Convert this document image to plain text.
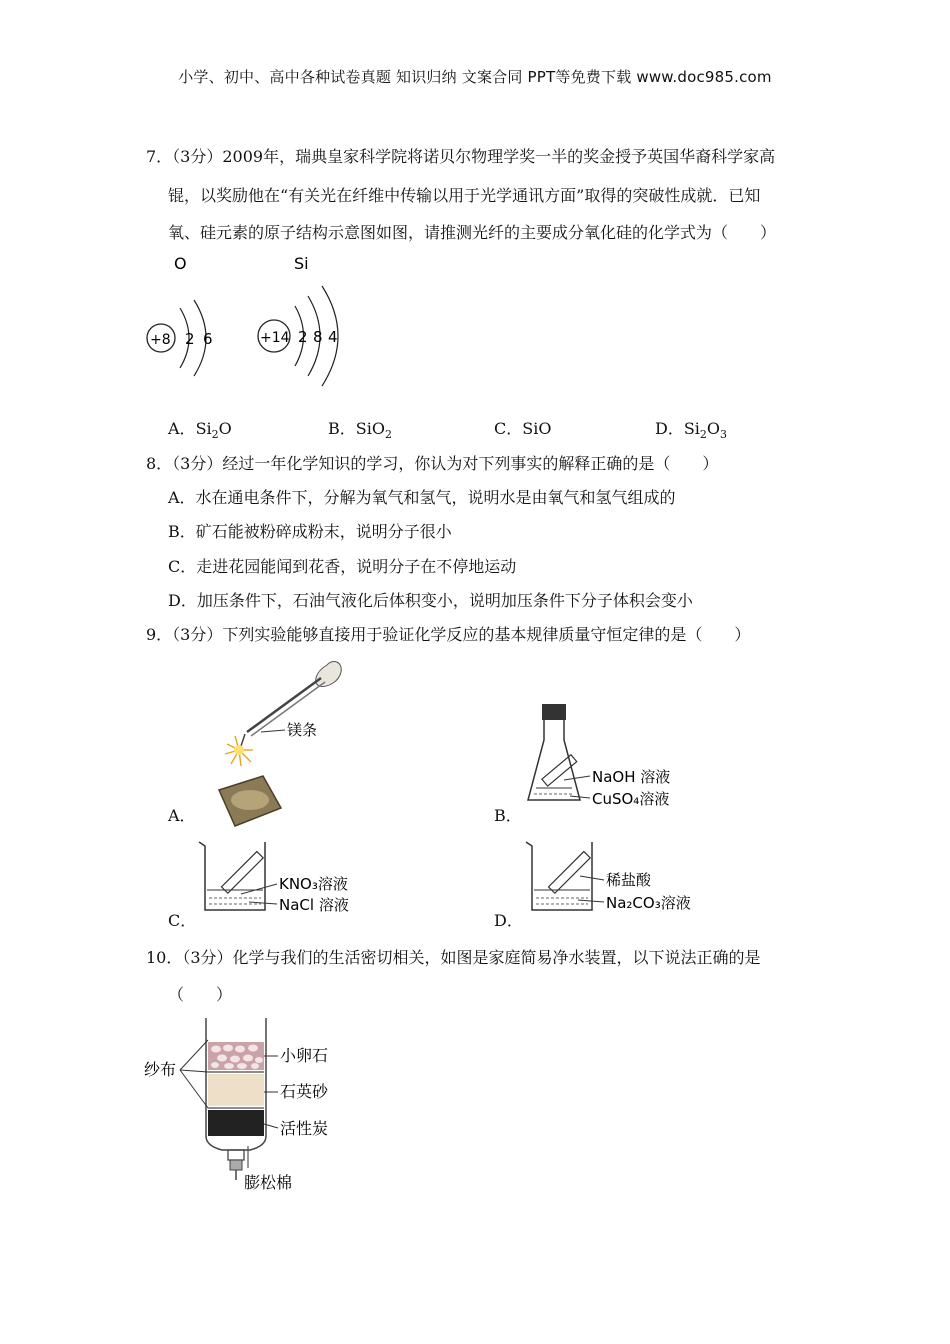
小学、初中、高中各种试卷真题 知识归纳 文案合同 PPT等免费下载 www.doc985.com
7．（3分）2009年，瑞典皇家科学院将诺贝尔物理学奖一半的奖金授予英国华裔科学家高
锟，以奖励他在“有关光在纤维中传输以用于光学通讯方面”取得的突破性成就．已知
氧、硅元素的原子结构示意图如图，请推测光纤的主要成分氧化硅的化学式为（　　）
O	Si
+8 2 6	+14 2 8 4
A．$Si_2O$	B．SiO$_2$	C．SiO	D．$Si_2O_3$
8．（3分）经过一年化学知识的学习，你认为对下列事实的解释正确的是（　　）
A．水在通电条件下，分解为氧气和氢气，说明水是由氧气和氢气组成的
B．矿石能被粉碎成粉末，说明分子很小
C．走进花园能闻到花香，说明分子在不停地运动
D．加压条件下，石油气液化后体积变小，说明加压条件下分子体积会变小
9．（3分）下列实验能够直接用于验证化学反应的基本规律质量守恒定律的是（　　）
镁条
A．
NaOH 溶液
CuSO₄溶液
B．
KNO₃溶液
NaCl 溶液
C．
稀盐酸
Na₂CO₃溶液
D．
10．（3分）化学与我们的生活密切相关，如图是家庭简易净水装置，以下说法正确的是
（　　）
纱布
小卵石
石英砂
活性炭
膨松棉
